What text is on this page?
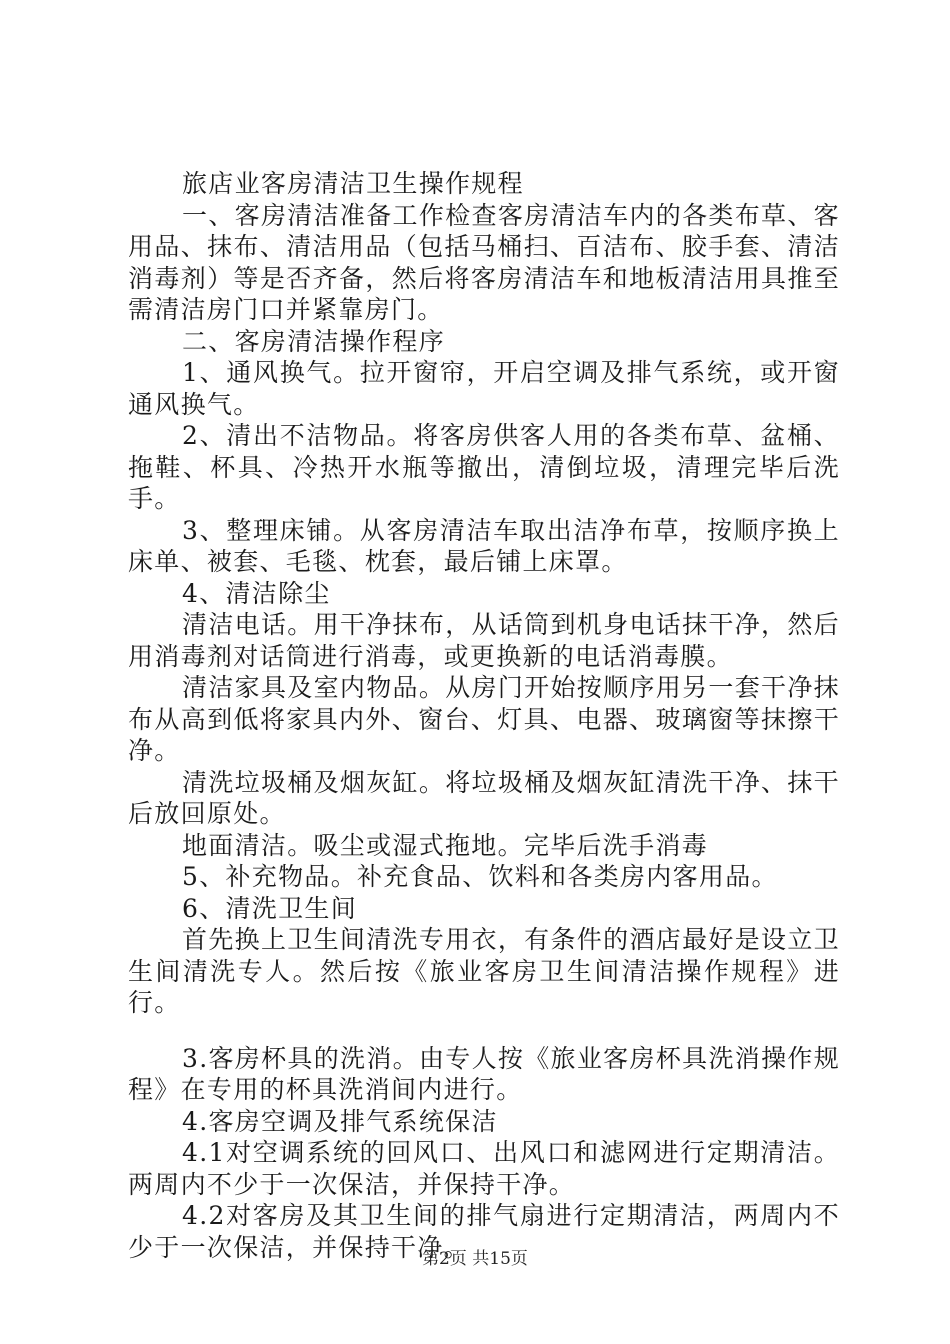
旅店业客房清洁卫生操作规程

一、客房清洁准备工作检查客房清洁车内的各类布草、客用品、抹布、清洁用品（包括马桶扫、百洁布、胶手套、清洁消毒剂）等是否齐备，然后将客房清洁车和地板清洁用具推至需清洁房门口并紧靠房门。

二、客房清洁操作程序

1、通风换气。拉开窗帘，开启空调及排气系统，或开窗通风换气。

2、清出不洁物品。将客房供客人用的各类布草、盆桶、拖鞋、杯具、冷热开水瓶等撤出，清倒垃圾，清理完毕后洗手。

3、整理床铺。从客房清洁车取出洁净布草，按顺序换上床单、被套、毛毯、枕套，最后铺上床罩。

4、清洁除尘

清洁电话。用干净抹布，从话筒到机身电话抹干净，然后用消毒剂对话筒进行消毒，或更换新的电话消毒膜。

清洁家具及室内物品。从房门开始按顺序用另一套干净抹布从高到低将家具内外、窗台、灯具、电器、玻璃窗等抹擦干净。

清洗垃圾桶及烟灰缸。将垃圾桶及烟灰缸清洗干净、抹干后放回原处。

地面清洁。吸尘或湿式拖地。完毕后洗手消毒

5、补充物品。补充食品、饮料和各类房内客用品。

6、清洗卫生间

首先换上卫生间清洗专用衣，有条件的酒店最好是设立卫生间清洗专人。然后按《旅业客房卫生间清洁操作规程》进行。

3.客房杯具的洗消。由专人按《旅业客房杯具洗消操作规程》在专用的杯具洗消间内进行。

4.客房空调及排气系统保洁

4.1对空调系统的回风口、出风口和滤网进行定期清洁。两周内不少于一次保洁，并保持干净。

4.2对客房及其卫生间的排气扇进行定期清洁，两周内不少于一次保洁，并保持干净。

第2页 共15页
